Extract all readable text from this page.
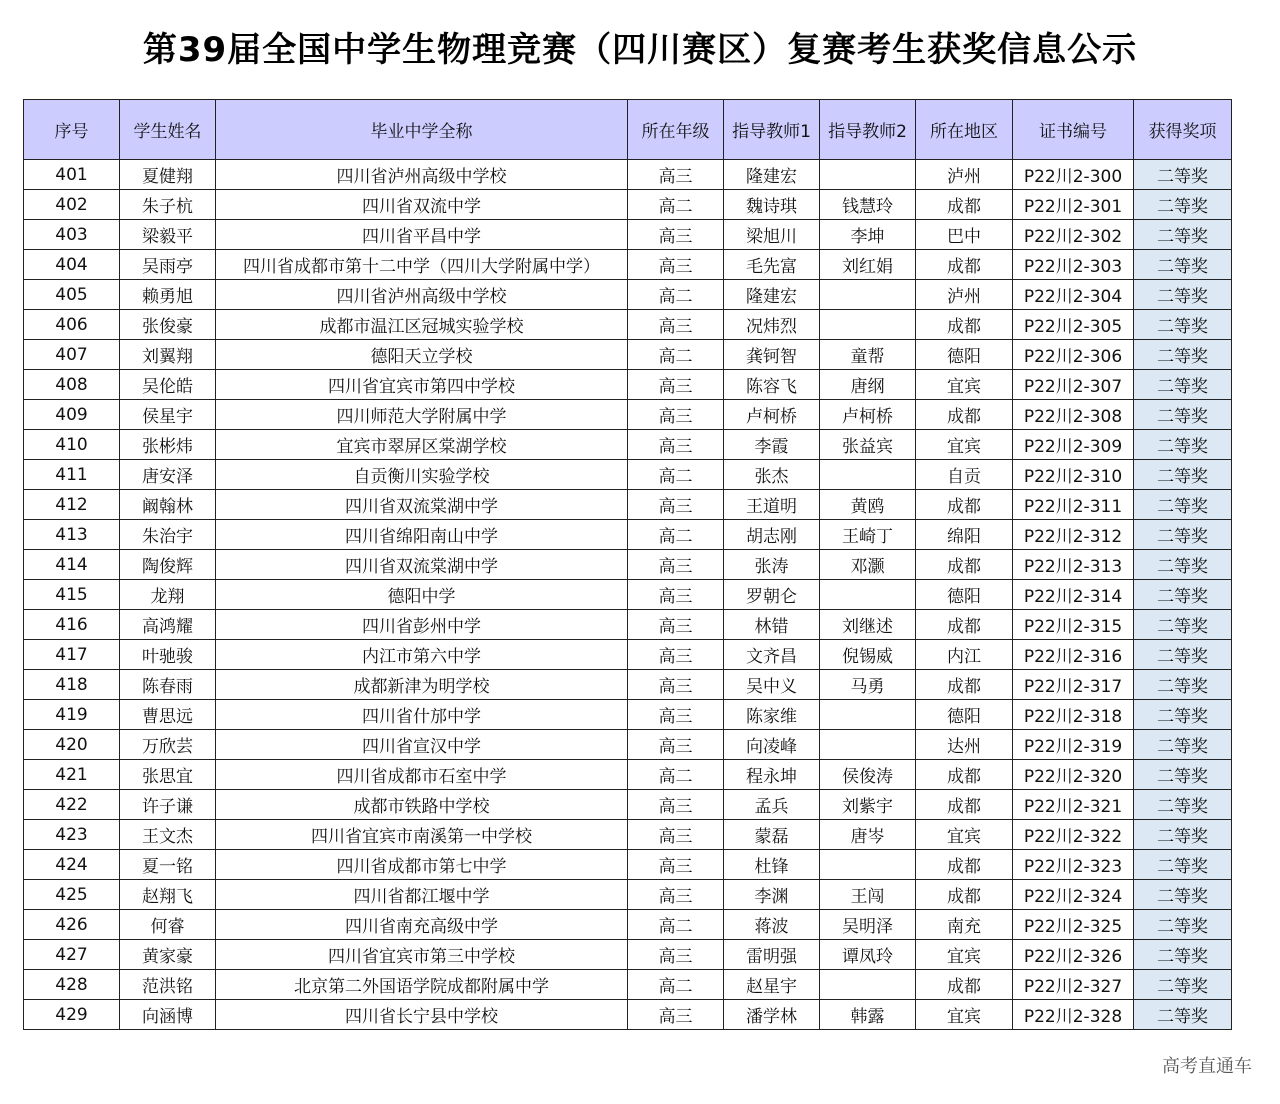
第39届全国中学生物理竞赛（四川赛区）复赛考生获奖信息公示
序号	学生姓名	毕业中学全称	所在年级	指导教师1	指导教师2	所在地区	证书编号	获得奖项
401	夏健翔	四川省泸州高级中学校	高三	隆建宏		泸州	P22川2-300	二等奖
402	朱子杭	四川省双流中学	高二	魏诗琪	钱慧玲	成都	P22川2-301	二等奖
403	梁毅平	四川省平昌中学	高三	梁旭川	李坤	巴中	P22川2-302	二等奖
404	吴雨亭	四川省成都市第十二中学（四川大学附属中学）	高三	毛先富	刘红娟	成都	P22川2-303	二等奖
405	赖勇旭	四川省泸州高级中学校	高二	隆建宏		泸州	P22川2-304	二等奖
406	张俊豪	成都市温江区冠城实验学校	高三	况炜烈		成都	P22川2-305	二等奖
407	刘翼翔	德阳天立学校	高二	龚钶智	童帮	德阳	P22川2-306	二等奖
408	吴伦皓	四川省宜宾市第四中学校	高三	陈容飞	唐纲	宜宾	P22川2-307	二等奖
409	侯星宇	四川师范大学附属中学	高三	卢柯桥	卢柯桥	成都	P22川2-308	二等奖
410	张彬炜	宜宾市翠屏区棠湖学校	高三	李霞	张益宾	宜宾	P22川2-309	二等奖
411	唐安泽	自贡衡川实验学校	高二	张杰		自贡	P22川2-310	二等奖
412	阚翰林	四川省双流棠湖中学	高三	王道明	黄鸥	成都	P22川2-311	二等奖
413	朱治宇	四川省绵阳南山中学	高二	胡志刚	王崎丁	绵阳	P22川2-312	二等奖
414	陶俊辉	四川省双流棠湖中学	高三	张涛	邓灏	成都	P22川2-313	二等奖
415	龙翔	德阳中学	高三	罗朝仑		德阳	P22川2-314	二等奖
416	高鸿耀	四川省彭州中学	高三	林错	刘继述	成都	P22川2-315	二等奖
417	叶驰骏	内江市第六中学	高三	文齐昌	倪锡威	内江	P22川2-316	二等奖
418	陈春雨	成都新津为明学校	高三	吴中义	马勇	成都	P22川2-317	二等奖
419	曹思远	四川省什邡中学	高三	陈家维		德阳	P22川2-318	二等奖
420	万欣芸	四川省宣汉中学	高三	向凌峰		达州	P22川2-319	二等奖
421	张思宜	四川省成都市石室中学	高二	程永坤	侯俊涛	成都	P22川2-320	二等奖
422	许子谦	成都市铁路中学校	高三	孟兵	刘紫宇	成都	P22川2-321	二等奖
423	王文杰	四川省宜宾市南溪第一中学校	高三	蒙磊	唐岑	宜宾	P22川2-322	二等奖
424	夏一铭	四川省成都市第七中学	高三	杜锋		成都	P22川2-323	二等奖
425	赵翔飞	四川省都江堰中学	高三	李渊	王闯	成都	P22川2-324	二等奖
426	何睿	四川省南充高级中学	高二	蒋波	吴明泽	南充	P22川2-325	二等奖
427	黄家豪	四川省宜宾市第三中学校	高三	雷明强	谭凤玲	宜宾	P22川2-326	二等奖
428	范洪铭	北京第二外国语学院成都附属中学	高二	赵星宇		成都	P22川2-327	二等奖
429	向涵博	四川省长宁县中学校	高三	潘学林	韩露	宜宾	P22川2-328	二等奖
高考直通车
